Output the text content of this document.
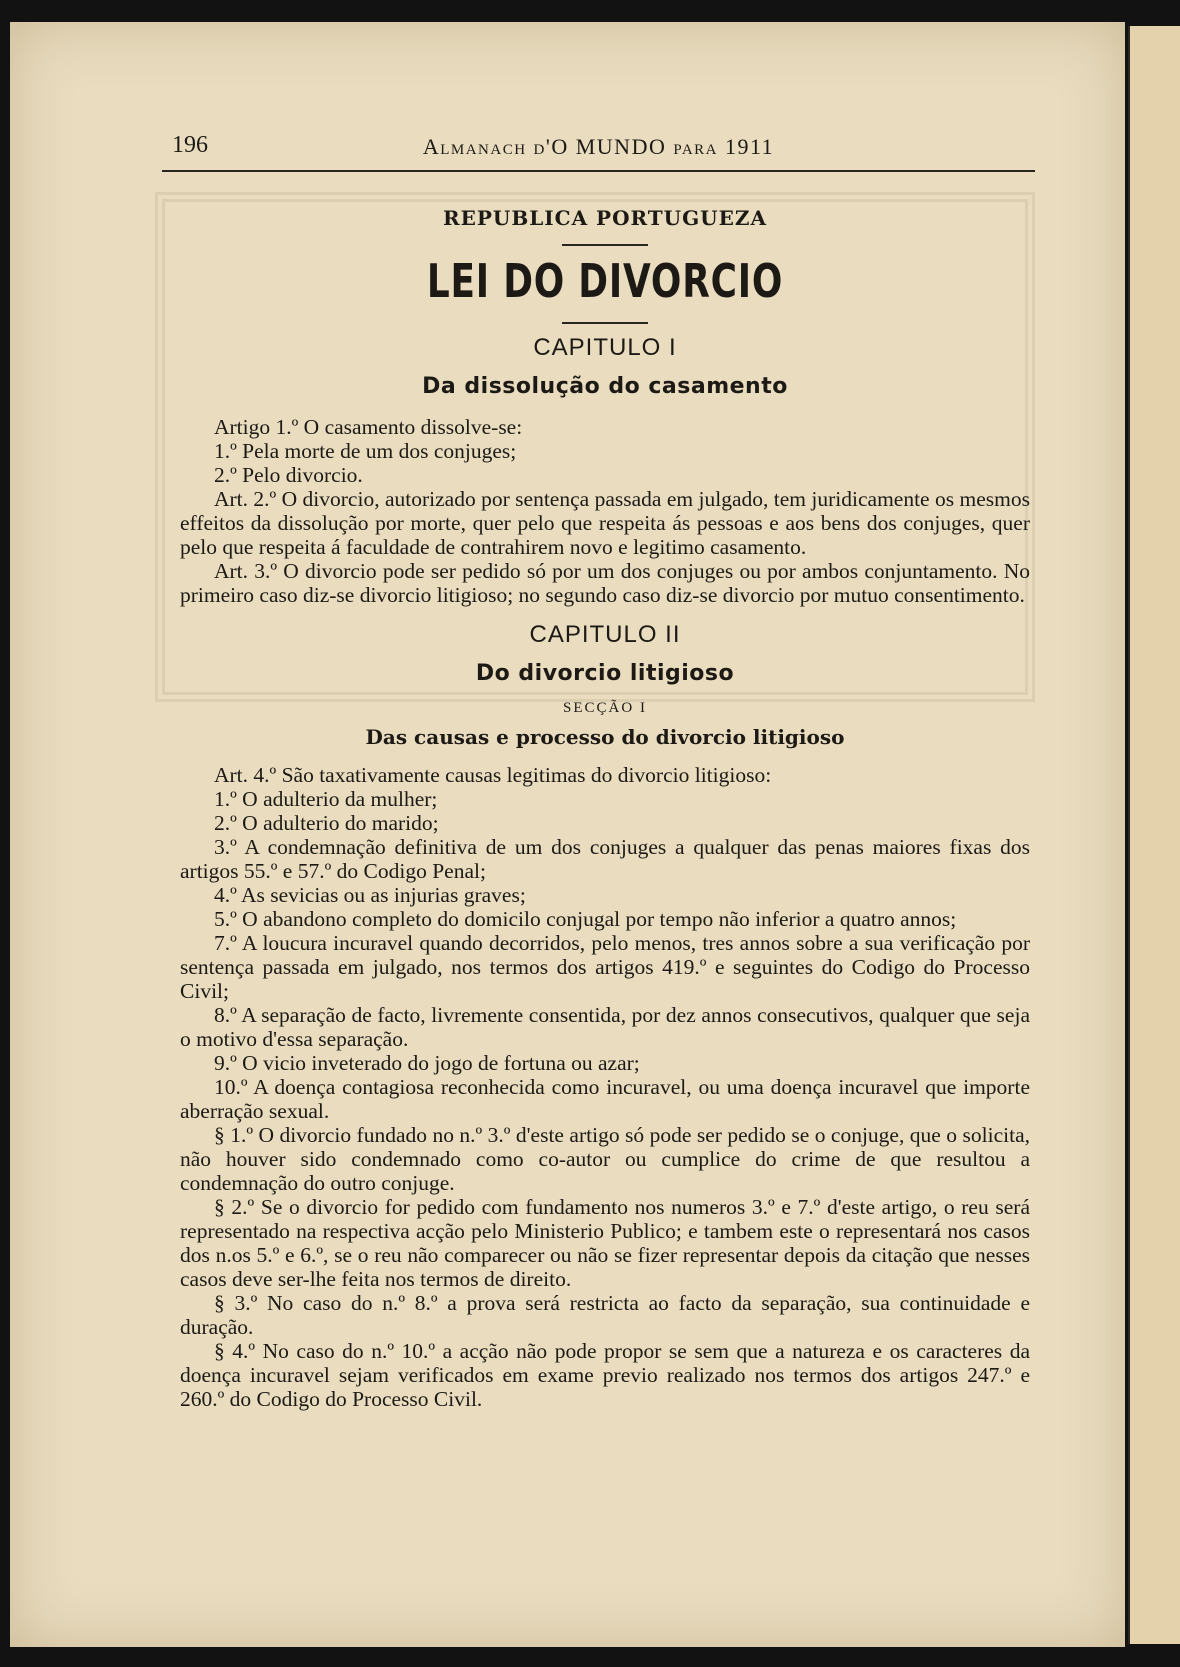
196	Almanach d'O MUNDO para 1911
REPUBLICA PORTUGUEZA
LEI DO DIVORCIO
CAPITULO I
Da dissolução do casamento

Artigo 1.º O casamento dissolve-se:

1.º Pela morte de um dos conjuges;

2.º Pelo divorcio.

Art. 2.º O divorcio, autorizado por sentença passada em julgado, tem juridicamente os mesmos effeitos da dissolução por morte, quer pelo que respeita ás pessoas e aos bens dos conjuges, quer pelo que respeita á faculdade de contrahirem novo e legitimo casamento.

Art. 3.º O divorcio pode ser pedido só por um dos conjuges ou por ambos conjuntamento. No primeiro caso diz-se divorcio litigioso; no segundo caso diz-se divorcio por mutuo consentimento.

CAPITULO II
Do divorcio litigioso
SECÇÃO I
Das causas e processo do divorcio litigioso

Art. 4.º São taxativamente causas legitimas do divorcio litigioso:

1.º O adulterio da mulher;

2.º O adulterio do marido;

3.º A condemnação definitiva de um dos conjuges a qualquer das penas maiores fixas dos artigos 55.º e 57.º do Codigo Penal;

4.º As sevicias ou as injurias graves;

5.º O abandono completo do domicilo conjugal por tempo não inferior a quatro annos;

7.º A loucura incuravel quando decorridos, pelo menos, tres annos sobre a sua verificação por sentença passada em julgado, nos termos dos artigos 419.º e seguintes do Codigo do Processo Civil;

8.º A separação de facto, livremente consentida, por dez annos consecutivos, qualquer que seja o motivo d'essa separação.

9.º O vicio inveterado do jogo de fortuna ou azar;

10.º A doença contagiosa reconhecida como incuravel, ou uma doença incuravel que importe aberração sexual.

§ 1.º O divorcio fundado no n.º 3.º d'este artigo só pode ser pedido se o conjuge, que o solicita, não houver sido condemnado como co-autor ou cumplice do crime de que resultou a condemnação do outro conjuge.

§ 2.º Se o divorcio for pedido com fundamento nos numeros 3.º e 7.º d'este artigo, o reu será representado na respectiva acção pelo Ministerio Publico; e tambem este o representará nos casos dos n.os 5.º e 6.º, se o reu não comparecer ou não se fizer representar depois da citação que nesses casos deve ser-lhe feita nos termos de direito.

§ 3.º No caso do n.º 8.º a prova será restricta ao facto da separação, sua continuidade e duração.

§ 4.º No caso do n.º 10.º a acção não pode propor se sem que a natureza e os caracteres da doença incuravel sejam verificados em exame previo realizado nos termos dos artigos 247.º e 260.º do Codigo do Processo Civil.
